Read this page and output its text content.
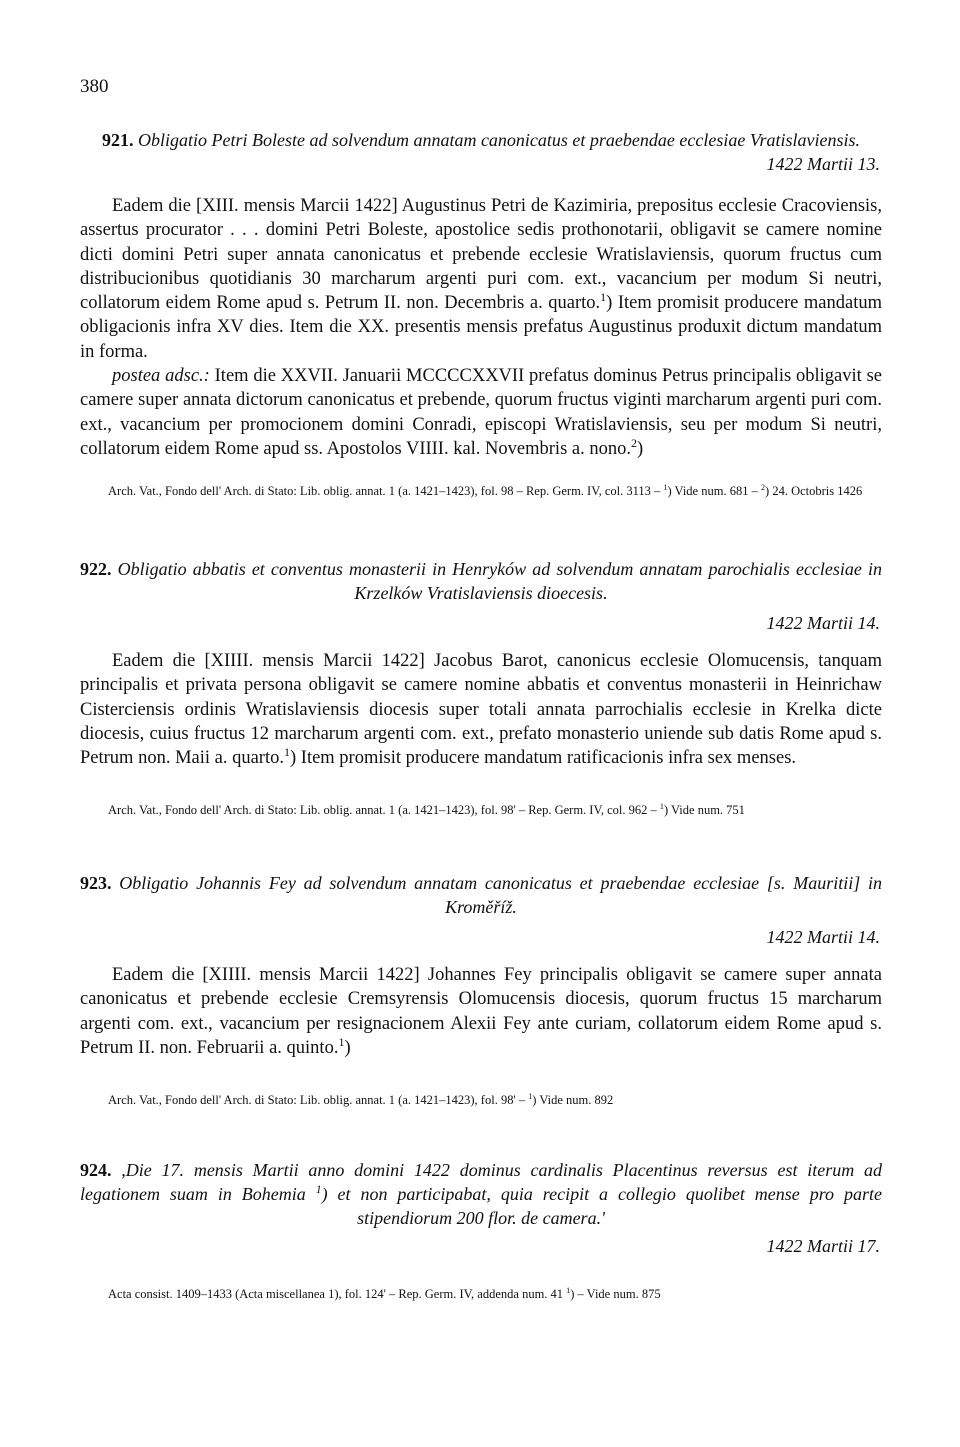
380
921. Obligatio Petri Boleste ad solvendum annatam canonicatus et praebendae ecclesiae Vratislaviensis.
1422 Martii 13.

Eadem die [XIII. mensis Marcii 1422] Augustinus Petri de Kazimiria, prepositus ecclesie Cracoviensis, assertus procurator . . . domini Petri Boleste, apostolice sedis prothonotarii, obligavit se camere nomine dicti domini Petri super annata canonicatus et prebende ecclesie Wratislaviensis, quorum fructus cum distribucionibus quotidianis 30 marcharum argenti puri com. ext., vacancium per modum Si neutri, collatorum eidem Rome apud s. Petrum II. non. Decembris a. quarto.$^1$) Item promisit producere mandatum obligacionis infra XV dies. Item die XX. presentis mensis prefatus Augustinus produxit dictum mandatum in forma.

postea adsc.: Item die XXVII. Januarii MCCCCXXVII prefatus dominus Petrus principalis obligavit se camere super annata dictorum canonicatus et prebende, quorum fructus viginti marcharum argenti puri com. ext., vacancium per promocionem domini Conradi, episcopi Wratislaviensis, seu per modum Si neutri, collatorum eidem Rome apud ss. Apostolos VIIII. kal. Novembris a. nono.$^2$)

Arch. Vat., Fondo dell' Arch. di Stato: Lib. oblig. annat. 1 (a. 1421–1423), fol. 98 – Rep. Germ. IV, col. 3113 – $^1$) Vide num. 681 – $^2$) 24. Octobris 1426
922. Obligatio abbatis et conventus monasterii in Henryków ad solvendum annatam parochialis ecclesiae in Krzelków Vratislaviensis dioecesis.
1422 Martii 14.

Eadem die [XIIII. mensis Marcii 1422] Jacobus Barot, canonicus ecclesie Olomucensis, tanquam principalis et privata persona obligavit se camere nomine abbatis et conventus monasterii in Heinrichaw Cisterciensis ordinis Wratislaviensis diocesis super totali annata parrochialis ecclesie in Krelka dicte diocesis, cuius fructus 12 marcharum argenti com. ext., prefato monasterio uniende sub datis Rome apud s. Petrum non. Maii a. quarto.$^1$) Item promisit producere mandatum ratificacionis infra sex menses.

Arch. Vat., Fondo dell' Arch. di Stato: Lib. oblig. annat. 1 (a. 1421–1423), fol. 98' – Rep. Germ. IV, col. 962 – $^1$) Vide num. 751
923. Obligatio Johannis Fey ad solvendum annatam canonicatus et praebendae ecclesiae [s. Mauritii] in Kroměříž.
1422 Martii 14.

Eadem die [XIIII. mensis Marcii 1422] Johannes Fey principalis obligavit se camere super annata canonicatus et prebende ecclesie Cremsyrensis Olomucensis diocesis, quorum fructus 15 marcharum argenti com. ext., vacancium per resignacionem Alexii Fey ante curiam, collatorum eidem Rome apud s. Petrum II. non. Februarii a. quinto.$^1$)

Arch. Vat., Fondo dell' Arch. di Stato: Lib. oblig. annat. 1 (a. 1421–1423), fol. 98' – $^1$) Vide num. 892
924. ,Die 17. mensis Martii anno domini 1422 dominus cardinalis Placentinus reversus est iterum ad legationem suam in Bohemia $^1$) et non participabat, quia recipit a collegio quolibet mense pro parte stipendiorum 200 flor. de camera.'
1422 Martii 17.
Acta consist. 1409–1433 (Acta miscellanea 1), fol. 124' – Rep. Germ. IV, addenda num. 41 $^1$) – Vide num. 875
